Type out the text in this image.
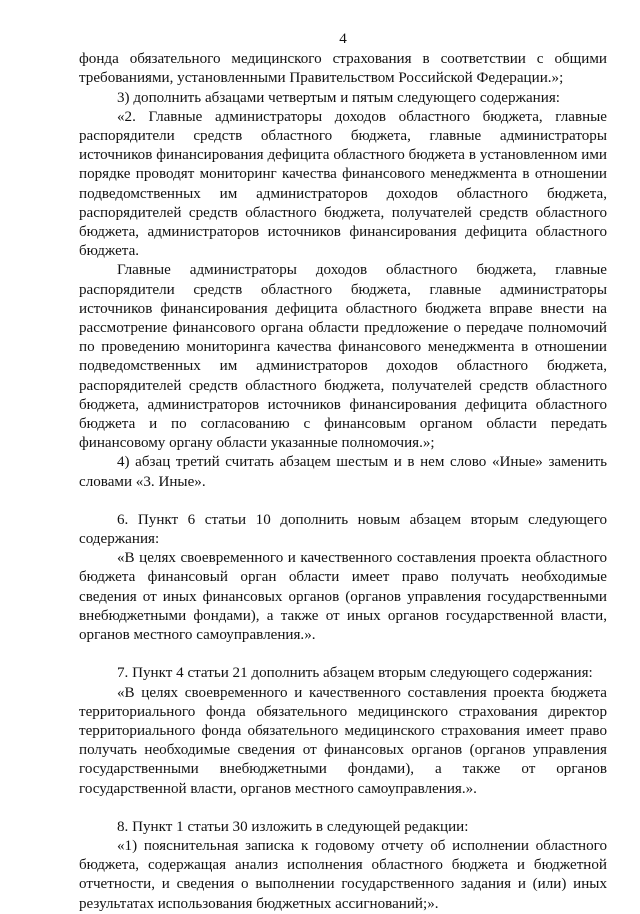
4

фонда обязательного медицинского страхования в соответствии с общими требованиями, установленными Правительством Российской Федерации.»;

3) дополнить абзацами четвертым и пятым следующего содержания:

«2. Главные администраторы доходов областного бюджета, главные распорядители средств областного бюджета, главные администраторы источников финансирования дефицита областного бюджета в установленном ими порядке проводят мониторинг качества финансового менеджмента в отношении подведомственных им администраторов доходов областного бюджета, распорядителей средств областного бюджета, получателей средств областного бюджета, администраторов источников финансирования дефицита областного бюджета.

Главные администраторы доходов областного бюджета, главные распорядители средств областного бюджета, главные администраторы источников финансирования дефицита областного бюджета вправе внести на рассмотрение финансового органа области предложение о передаче полномочий по проведению мониторинга качества финансового менеджмента в отношении подведомственных им администраторов доходов областного бюджета, распорядителей средств областного бюджета, получателей средств областного бюджета, администраторов источников финансирования дефицита областного бюджета и по согласованию с финансовым органом области передать финансовому органу области указанные полномочия.»;

4) абзац третий считать абзацем шестым и в нем слово «Иные» заменить словами «3. Иные».

6. Пункт 6 статьи 10 дополнить новым абзацем вторым следующего содержания:

«В целях своевременного и качественного составления проекта областного бюджета финансовый орган области имеет право получать необходимые сведения от иных финансовых органов (органов управления государственными внебюджетными фондами), а также от иных органов государственной власти, органов местного самоуправления.».

7. Пункт 4 статьи 21 дополнить абзацем вторым следующего содержания:

«В целях своевременного и качественного составления проекта бюджета территориального фонда обязательного медицинского страхования директор территориального фонда обязательного медицинского страхования имеет право получать необходимые сведения от финансовых органов (органов управления государственными внебюджетными фондами), а также от органов государственной власти, органов местного самоуправления.».

8. Пункт 1 статьи 30 изложить в следующей редакции:

«1) пояснительная записка к годовому отчету об исполнении областного бюджета, содержащая анализ исполнения областного бюджета и бюджетной отчетности, и сведения о выполнении государственного задания и (или) иных результатах использования бюджетных ассигнований;».
